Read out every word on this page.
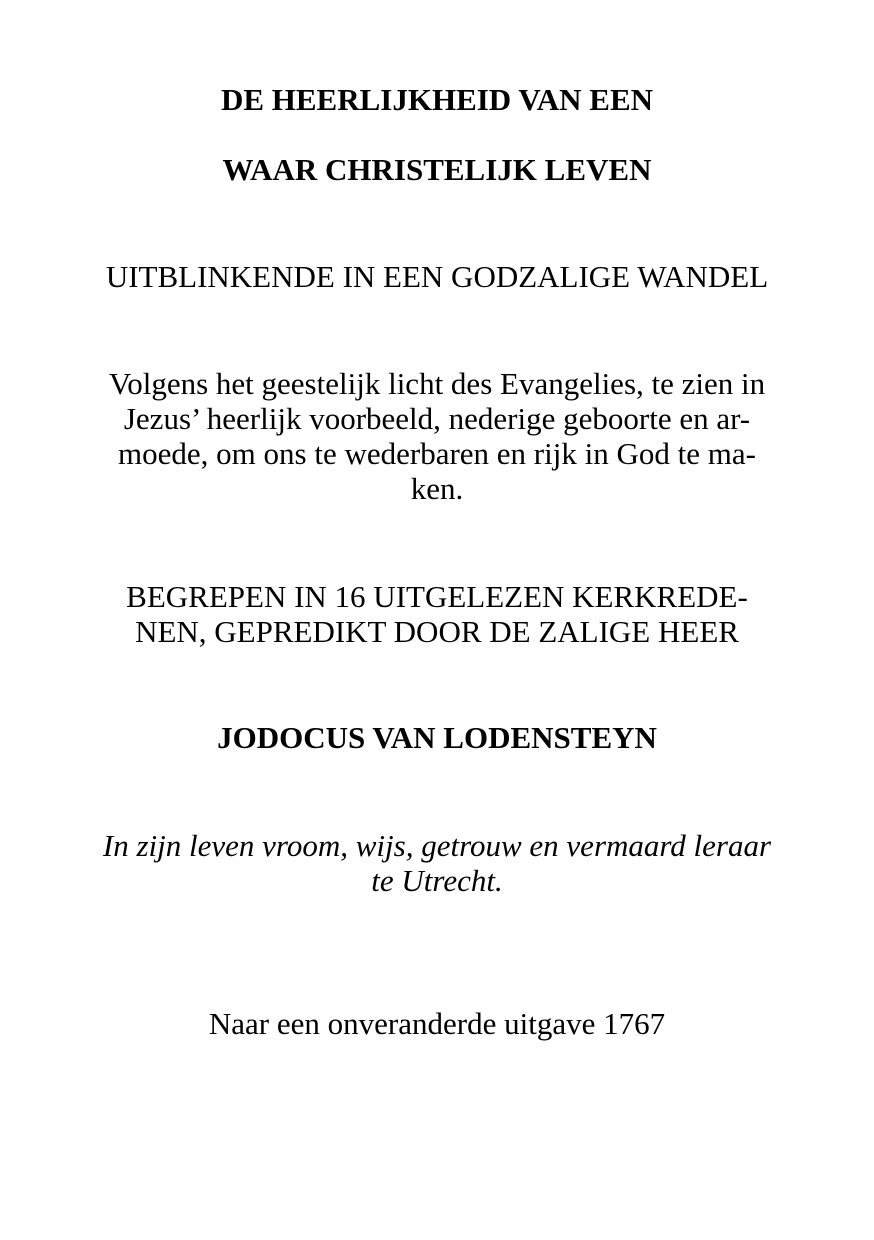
DE HEERLIJKHEID VAN EEN

WAAR CHRISTELIJK LEVEN

UITBLINKENDE IN EEN GODZALIGE WANDEL

Volgens het geestelijk licht des Evangelies, te zien in

Jezus’ heerlijk voorbeeld, nederige geboorte en ar-

moede, om ons te wederbaren en rijk in God te ma-

ken.

BEGREPEN IN 16 UITGELEZEN KERKREDE-

NEN, GEPREDIKT DOOR DE ZALIGE HEER

JODOCUS VAN LODENSTEYN

In zijn leven vroom, wijs, getrouw en vermaard leraar

te Utrecht.

Naar een onveranderde uitgave 1767
